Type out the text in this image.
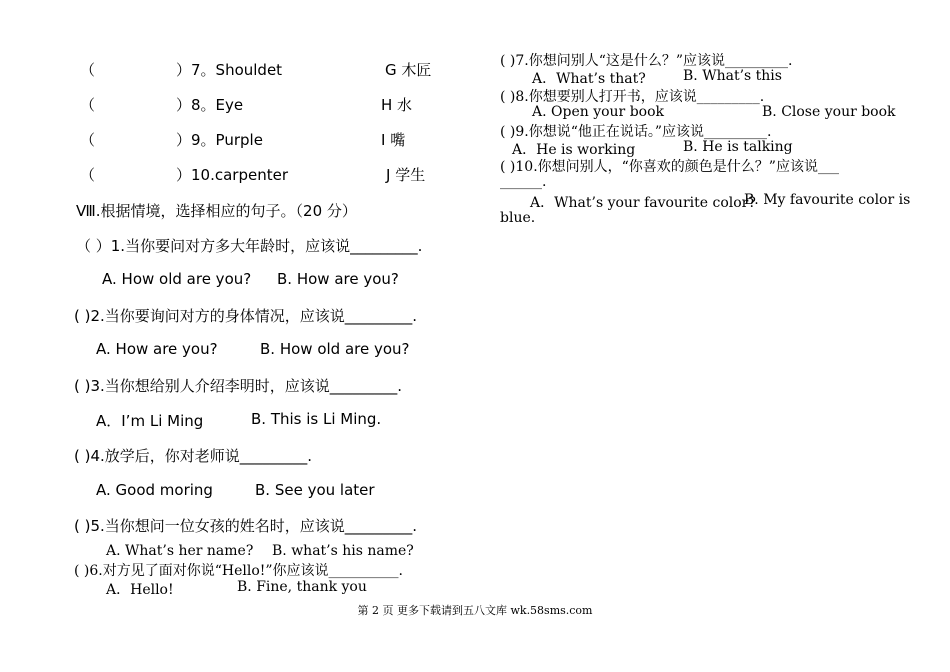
（	）7。Shouldet	G 木匠
（	）8。Eye	H 水
（	）9。Purple	I 嘴
（	）10.carpenter	J 学生
Ⅷ.根据情境，选择相应的句子。（20 分）
（ ）1.当你要问对方多大年龄时，应该说_________.
A. How old are you? B. How are you?
( )2.当你要询问对方的身体情况，应该说_________.
A. How are you?	B. How old are you?
( )3.当你想给别人介绍李明时，应该说_________.
A．I’m Li Ming	B. This is Li Ming.
( )4.放学后，你对老师说_________.
A. Good moring	B. See you later
( )5.当你想问一位女孩的姓名时，应该说_________.
A. What’s her name? B. what’s his name?
( )6.对方见了面对你说“Hello!”你应该说__________.
A．Hello!	B. Fine, thank you
( )7.你想问别人“这是什么？”应该说_________.
A．What’s that?	B. What’s this
( )8.你想要别人打开书，应该说_________.
A. Open your book	B. Close your book
( )9.你想说“他正在说话。”应该说_________.
A．He is working	B. He is talking
( )10.你想问别人，“你喜欢的颜色是什么？”应该说___
______.
A．What’s your favourite color?
B. My favourite color is
blue.
第 2 页 更多下载请到五八文库 wk.58sms.com
